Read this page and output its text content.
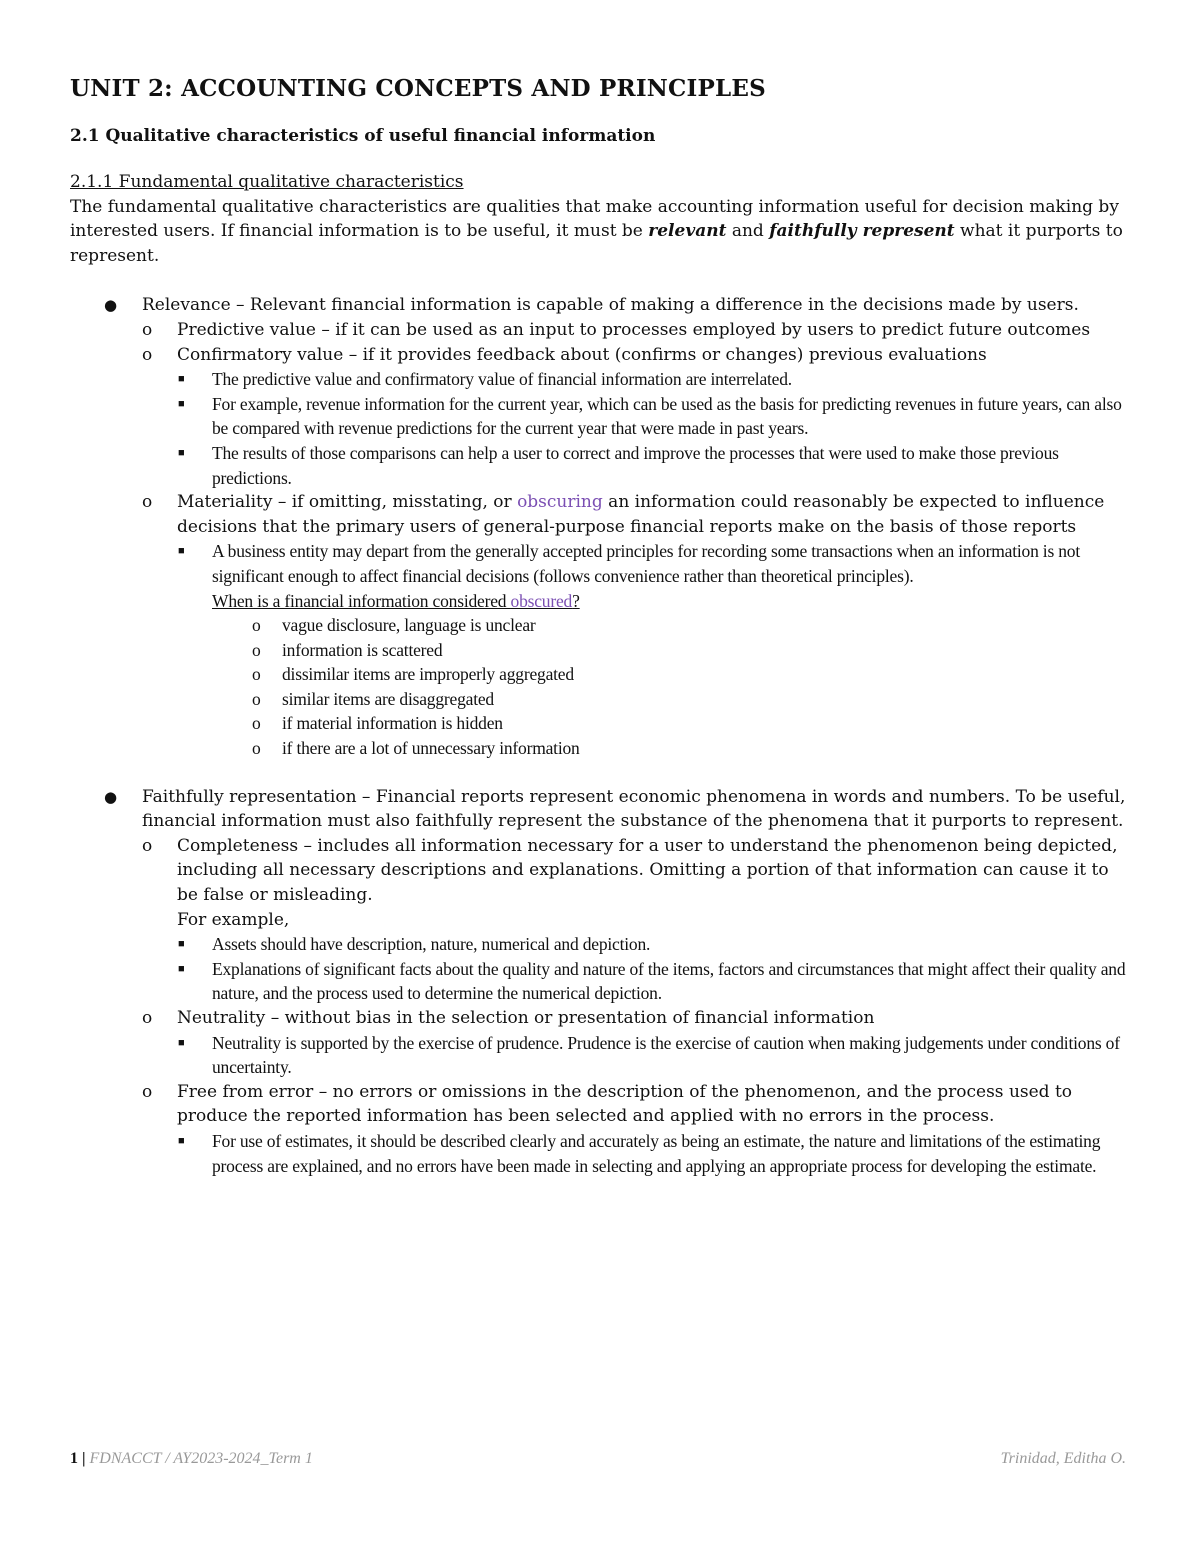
UNIT 2: ACCOUNTING CONCEPTS AND PRINCIPLES
2.1 Qualitative characteristics of useful financial information

2.1.1 Fundamental qualitative characteristics

The fundamental qualitative characteristics are qualities that make accounting information useful for decision making by interested users. If financial information is to be useful, it must be relevant and faithfully represent what it purports to represent.

● Relevance – Relevant financial information is capable of making a difference in the decisions made by users.
o Predictive value – if it can be used as an input to processes employed by users to predict future outcomes
o Confirmatory value – if it provides feedback about (confirms or changes) previous evaluations
■ The predictive value and confirmatory value of financial information are interrelated.
■ For example, revenue information for the current year, which can be used as the basis for predicting revenues in future years, can also be compared with revenue predictions for the current year that were made in past years.
■ The results of those comparisons can help a user to correct and improve the processes that were used to make those previous predictions.
o Materiality – if omitting, misstating, or obscuring an information could reasonably be expected to influence decisions that the primary users of general-purpose financial reports make on the basis of those reports
■ A business entity may depart from the generally accepted principles for recording some transactions when an information is not significant enough to affect financial decisions (follows convenience rather than theoretical principles).
When is a financial information considered obscured?
o vague disclosure, language is unclear
o information is scattered
o dissimilar items are improperly aggregated
o similar items are disaggregated
o if material information is hidden
o if there are a lot of unnecessary information
● Faithfully representation – Financial reports represent economic phenomena in words and numbers. To be useful, financial information must also faithfully represent the substance of the phenomena that it purports to represent.
o Completeness – includes all information necessary for a user to understand the phenomenon being depicted, including all necessary descriptions and explanations. Omitting a portion of that information can cause it to be false or misleading.
For example,
■ Assets should have description, nature, numerical and depiction.
■ Explanations of significant facts about the quality and nature of the items, factors and circumstances that might affect their quality and nature, and the process used to determine the numerical depiction.
o Neutrality – without bias in the selection or presentation of financial information
■ Neutrality is supported by the exercise of prudence. Prudence is the exercise of caution when making judgements under conditions of uncertainty.
o Free from error – no errors or omissions in the description of the phenomenon, and the process used to produce the reported information has been selected and applied with no errors in the process.
■ For use of estimates, it should be described clearly and accurately as being an estimate, the nature and limitations of the estimating process are explained, and no errors have been made in selecting and applying an appropriate process for developing the estimate.
1 | FDNACCT / AY2023-2024_Term 1	Trinidad, Editha O.
